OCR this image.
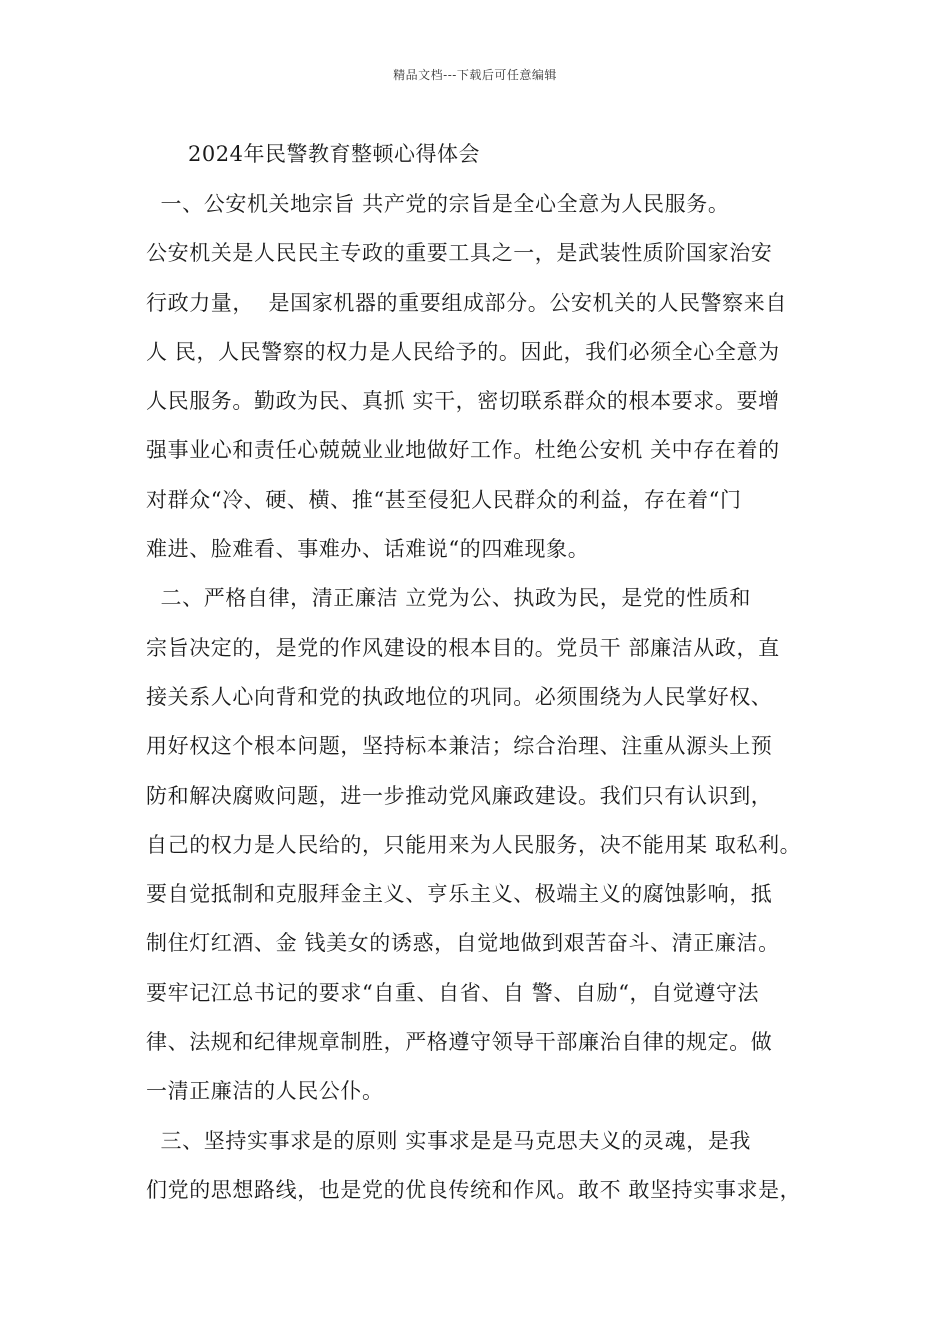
精品文档---下载后可任意编辑
2024年民警教育整顿心得体会
一、公安机关地宗旨 共产党的宗旨是全心全意为人民服务。
公安机关是人民民主专政的重要工具之一，是武装性质阶国家治安
行政力量，  是国家机器的重要组成部分。公安机关的人民警察来自
人 民，人民警察的权力是人民给予的。因此，我们必须全心全意为
人民服务。勤政为民、真抓 实干，密切联系群众的根本要求。要增
强事业心和责任心兢兢业业地做好工作。杜绝公安机 关中存在着的
对群众“冷、硬、横、推“甚至侵犯人民群众的利益，存在着“门
难进、脸难看、事难办、话难说“的四难现象。
二、严格自律，清正廉洁 立党为公、执政为民，是党的性质和
宗旨决定的，是党的作风建设的根本目的。党员干 部廉洁从政，直
接关系人心向背和党的执政地位的巩同。必须围绕为人民掌好权、
用好权这个根本问题，坚持标本兼洁；综合治理、注重从源头上预
防和解决腐败问题，进一步推动党风廉政建设。我们只有认识到，
自己的权力是人民给的，只能用来为人民服务，决不能用某 取私利。
要自觉抵制和克服拜金主义、亨乐主义、极端主义的腐蚀影响，抵
制住灯红酒、金 钱美女的诱惑，自觉地做到艰苦奋斗、清正廉洁。
要牢记江总书记的要求“自重、自省、自 警、自励“，自觉遵守法
律、法规和纪律规章制胜，严格遵守领导干部廉治自律的规定。做
一清正廉洁的人民公仆。
三、坚持实事求是的原则 实事求是是马克思夫义的灵魂，是我
们党的思想路线，也是党的优良传统和作风。敢不 敢坚持实事求是，
